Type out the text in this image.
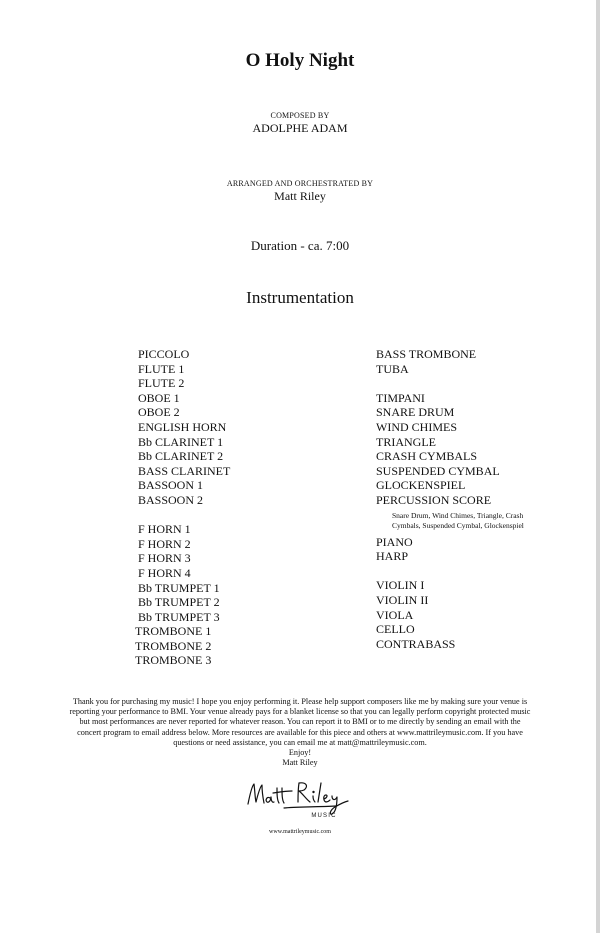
O Holy Night
COMPOSED BY
ADOLPHE ADAM
ARRANGED AND ORCHESTRATED BY
Matt Riley
Duration - ca. 7:00
Instrumentation
PICCOLO
FLUTE 1
FLUTE 2
OBOE 1
OBOE 2
ENGLISH HORN
Bb CLARINET 1
Bb CLARINET 2
BASS CLARINET
BASSOON 1
BASSOON 2
F HORN 1
F HORN 2
F HORN 3
F HORN 4
Bb TRUMPET 1
Bb TRUMPET 2
Bb TRUMPET 3
TROMBONE 1
TROMBONE 2
TROMBONE 3
BASS TROMBONE
TUBA
TIMPANI
SNARE DRUM
WIND CHIMES
TRIANGLE
CRASH CYMBALS
SUSPENDED CYMBAL
GLOCKENSPIEL
PERCUSSION SCORE
Snare Drum, Wind Chimes, Triangle, Crash Cymbals, Suspended Cymbal, Glockenspiel
PIANO
HARP
VIOLIN I
VIOLIN II
VIOLA
CELLO
CONTRABASS
Thank you for purchasing my music! I hope you enjoy performing it. Please help support composers like me by making sure your venue is
reporting your performance to BMI. Your venue already pays for a blanket license so that you can legally perform copyright protected music
but most performances are never reported for whatever reason. You can report it to BMI or to me directly by sending an email with the
concert program to email address below. More resources are available for this piece and others at www.mattrileymusic.com. If you have
questions or need assistance, you can email me at matt@mattrileymusic.com.
Enjoy!
Matt Riley
MUSIC
www.mattrileymusic.com
